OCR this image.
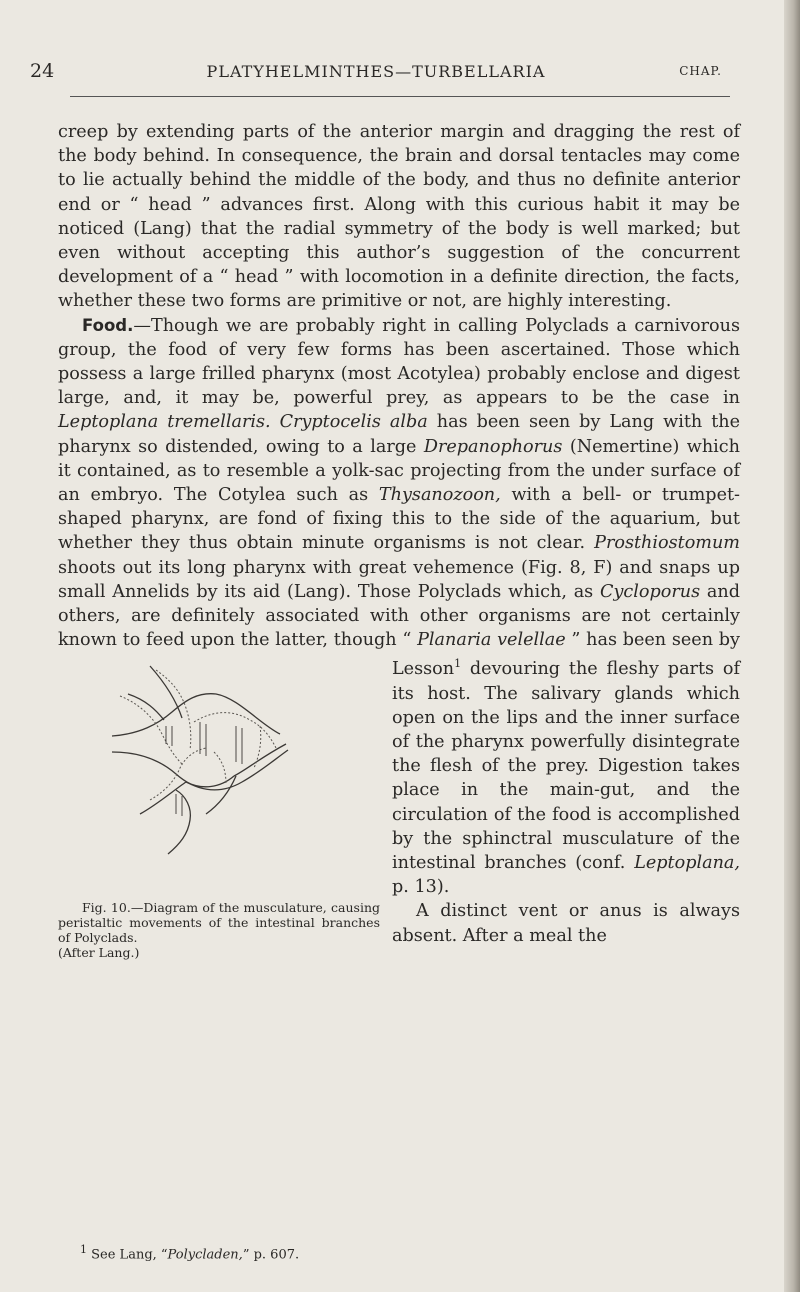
24	PLATYHELMINTHES—TURBELLARIA	CHAP.

creep by extending parts of the anterior margin and dragging the rest of the body behind. In consequence, the brain and dorsal tentacles may come to lie actually behind the middle of the body, and thus no definite anterior end or “ head ” advances first. Along with this curious habit it may be noticed (Lang) that the radial symmetry of the body is well marked; but even without accepting this author’s suggestion of the concurrent development of a “ head ” with locomotion in a definite direction, the facts, whether these two forms are primitive or not, are highly interesting.

Food.—Though we are probably right in calling Polyclads a carnivorous group, the food of very few forms has been ascertained. Those which possess a large frilled pharynx (most Acotylea) probably enclose and digest large, and, it may be, powerful prey, as appears to be the case in Leptoplana tremellaris. Cryptocelis alba has been seen by Lang with the pharynx so distended, owing to a large Drepanophorus (Nemertine) which it contained, as to resemble a yolk-sac projecting from the under surface of an embryo. The Cotylea such as Thysanozoon, with a bell- or trumpet-shaped pharynx, are fond of fixing this to the side of the aquarium, but whether they thus obtain minute organisms is not clear. Prosthiostomum shoots out its long pharynx with great vehemence (Fig. 8, F) and snaps up small Annelids by its aid (Lang). Those Polyclads which, as Cycloporus and others, are definitely associated with other organisms are not certainly known to feed upon the latter, though “
Fig. 10.—Diagram of the musculature, causing peristaltic movements of the intestinal branches of Polyclads.
(After Lang.)
Planaria velellae ” has been seen by Lesson$^1$ devouring the fleshy parts of its host. The salivary glands which open on the lips and the inner surface of the pharynx powerfully disintegrate the flesh of the prey. Digestion takes place in the main-gut, and the circulation of the food is accomplished by the sphinctral musculature of the intestinal branches (conf. Leptoplana, p. 13).

A distinct vent or anus is always absent. After a meal the

$^1$ See Lang, “Polycladen,” p. 607.
